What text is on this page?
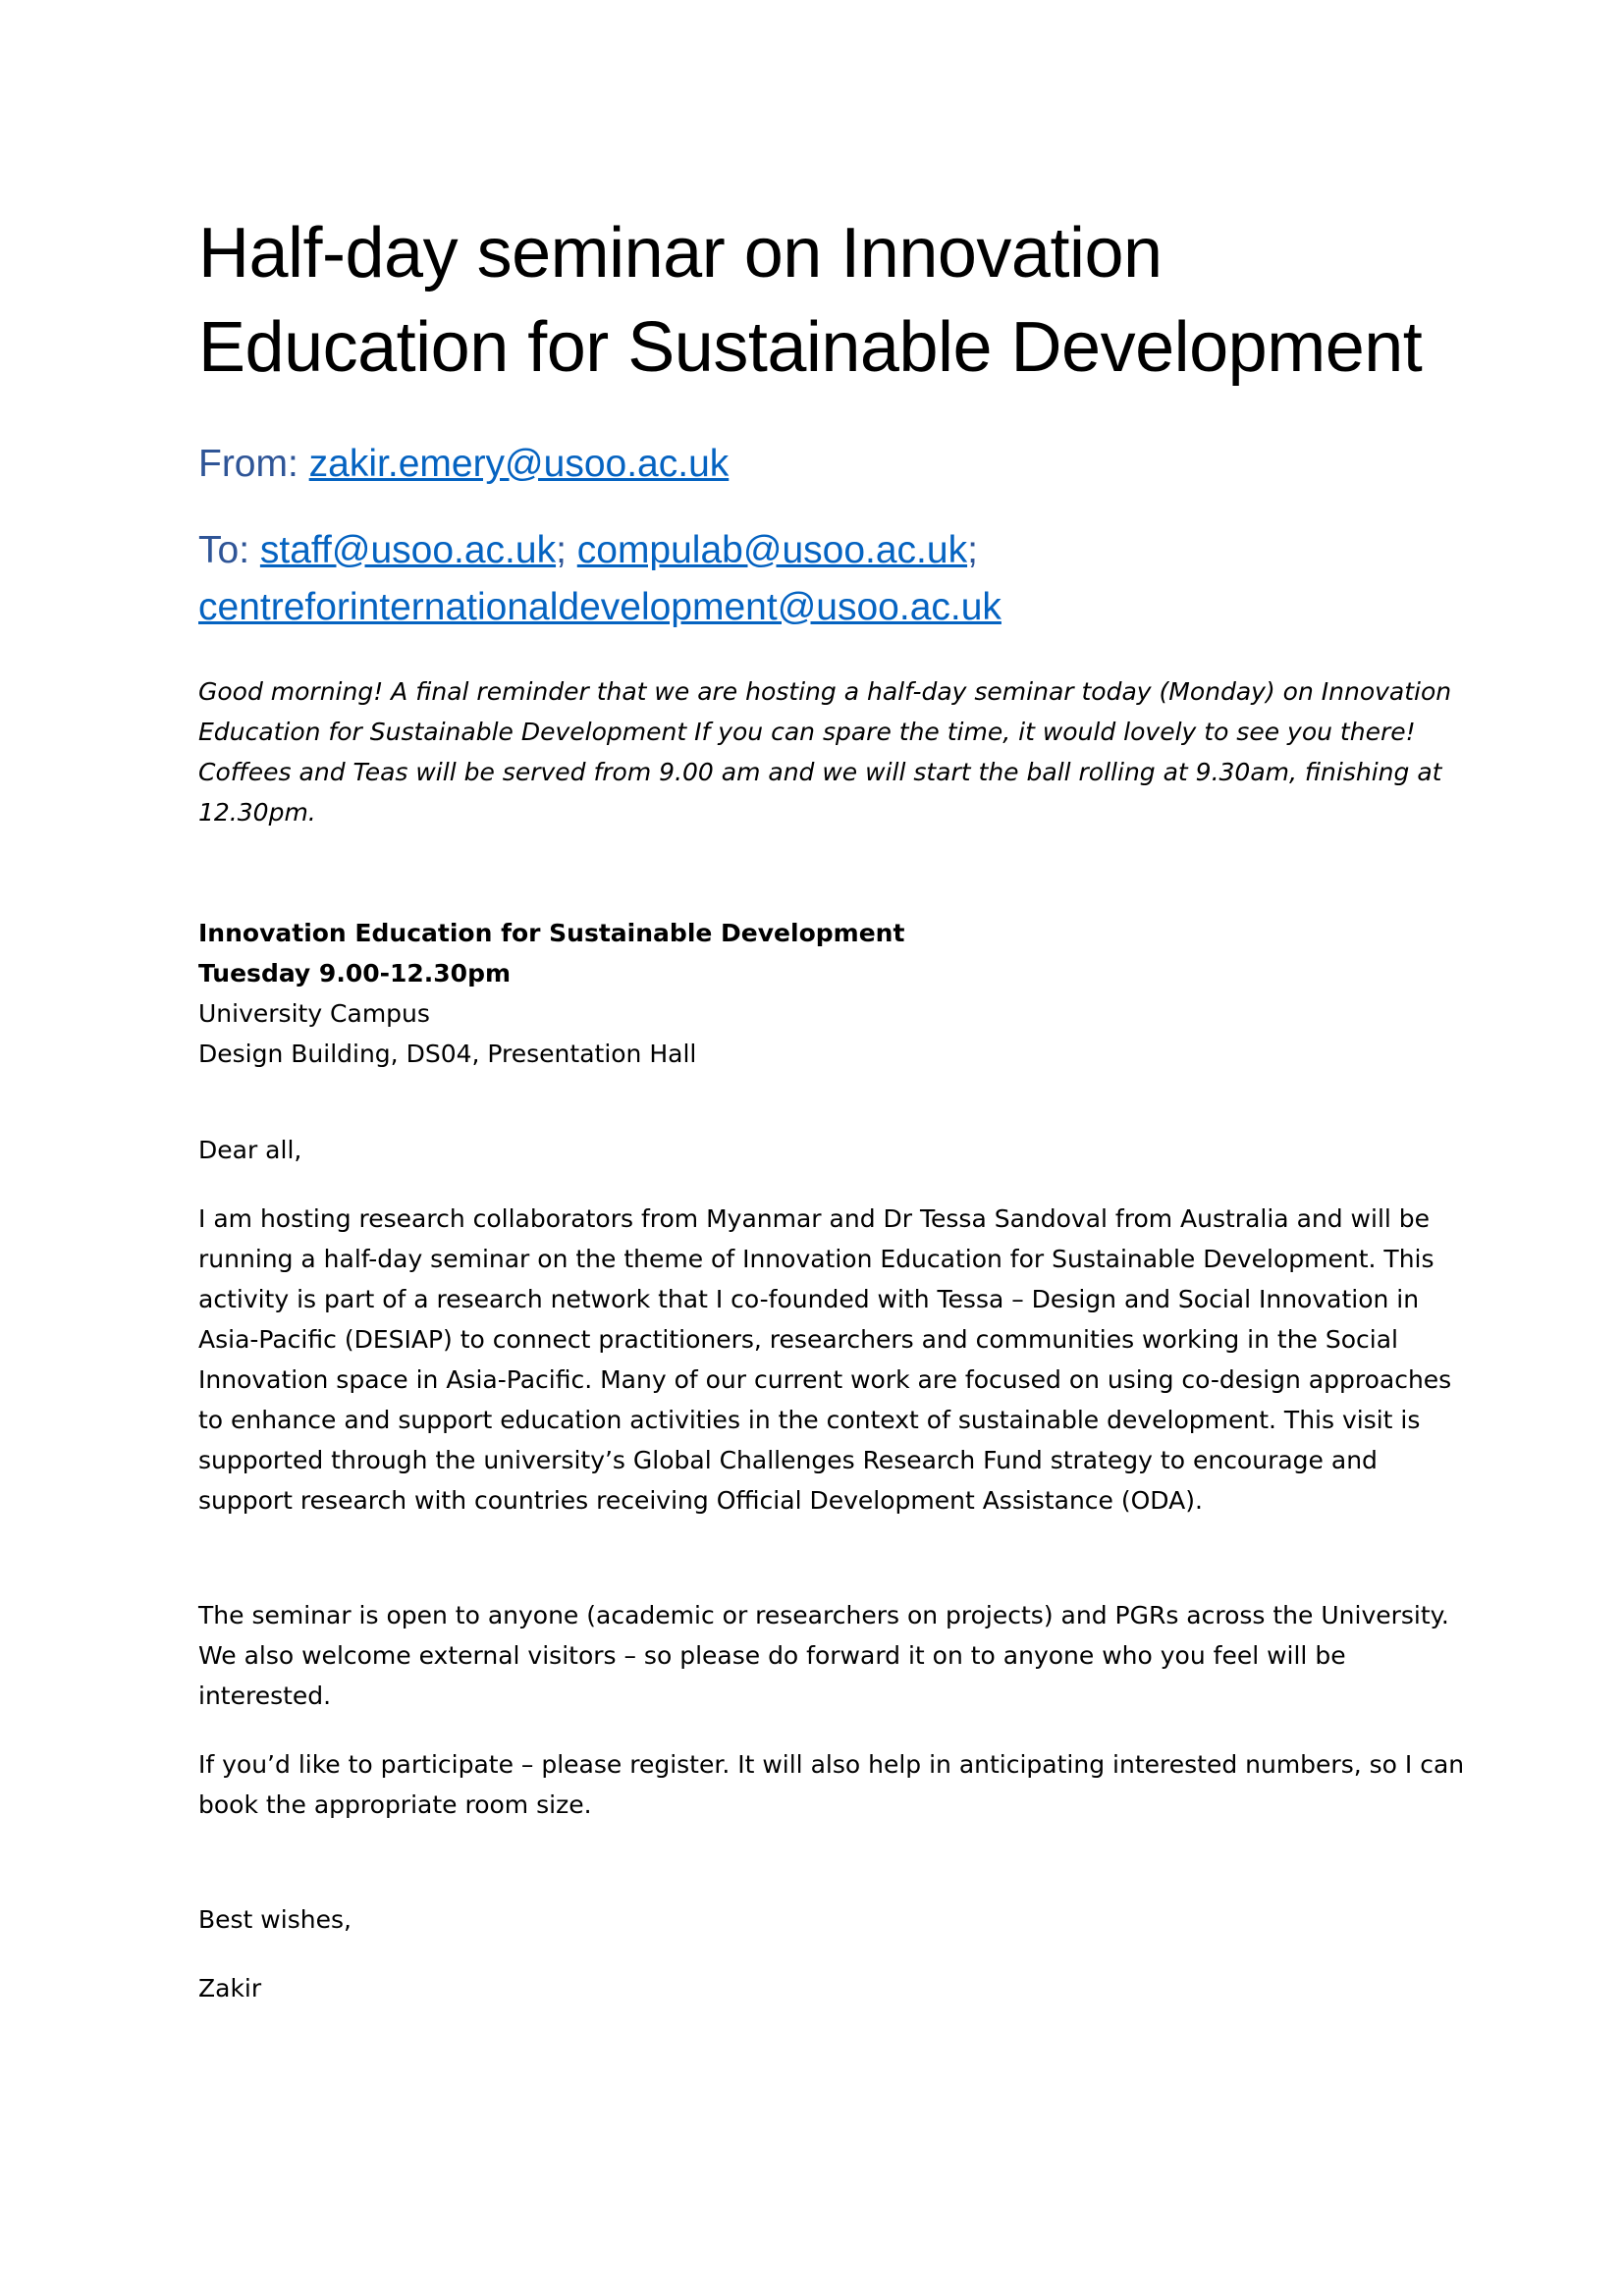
Half-day seminar on Innovation Education for Sustainable Development
From: zakir.emery@usoo.ac.uk
To: staff@usoo.ac.uk; compulab@usoo.ac.uk;
centreforinternationaldevelopment@usoo.ac.uk

Good morning! A final reminder that we are hosting a half-day seminar today (Monday) on Innovation Education for Sustainable Development If you can spare the time, it would lovely to see you there! Coffees and Teas will be served from 9.00 am and we will start the ball rolling at 9.30am, finishing at 12.30pm.

Innovation Education for Sustainable Development
Tuesday 9.00-12.30pm
University Campus
Design Building, DS04, Presentation Hall

Dear all,

I am hosting research collaborators from Myanmar and Dr Tessa Sandoval from Australia and will be running a half-day seminar on the theme of Innovation Education for Sustainable Development. This activity is part of a research network that I co-founded with Tessa – Design and Social Innovation in Asia-Pacific (DESIAP) to connect practitioners, researchers and communities working in the Social Innovation space in Asia-Pacific. Many of our current work are focused on using co-design approaches to enhance and support education activities in the context of sustainable development. This visit is supported through the university’s Global Challenges Research Fund strategy to encourage and support research with countries receiving Official Development Assistance (ODA).

The seminar is open to anyone (academic or researchers on projects) and PGRs across the University. We also welcome external visitors – so please do forward it on to anyone who you feel will be interested.

If you’d like to participate – please register. It will also help in anticipating interested numbers, so I can book the appropriate room size.

Best wishes,

Zakir
